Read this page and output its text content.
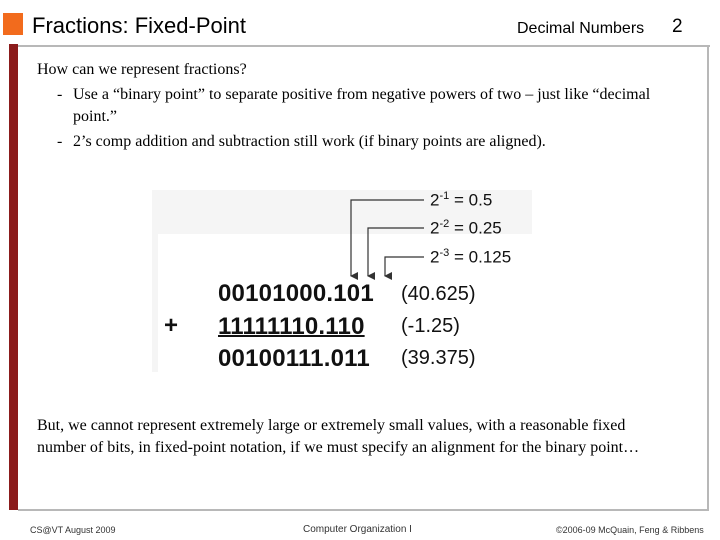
Fractions: Fixed-Point	Decimal Numbers 2
How can we represent fractions?
- Use a “binary point” to separate positive from negative powers of two – just like “decimal point.”
- 2’s comp addition and subtraction still work (if binary points are aligned).
$2^{-1} = 0.5$
$2^{-2} = 0.25$
$2^{-3} = 0.125$
00101000.101 (40.625)
+ 11111110.110 (-1.25)
00100111.011 (39.375)
But, we cannot represent extremely large or extremely small values, with a reasonable fixed number of bits, in fixed-point notation, if we must specify an alignment for the binary point…
CS@VT August 2009	Computer Organization I	©2006-09 McQuain, Feng & Ribbens
